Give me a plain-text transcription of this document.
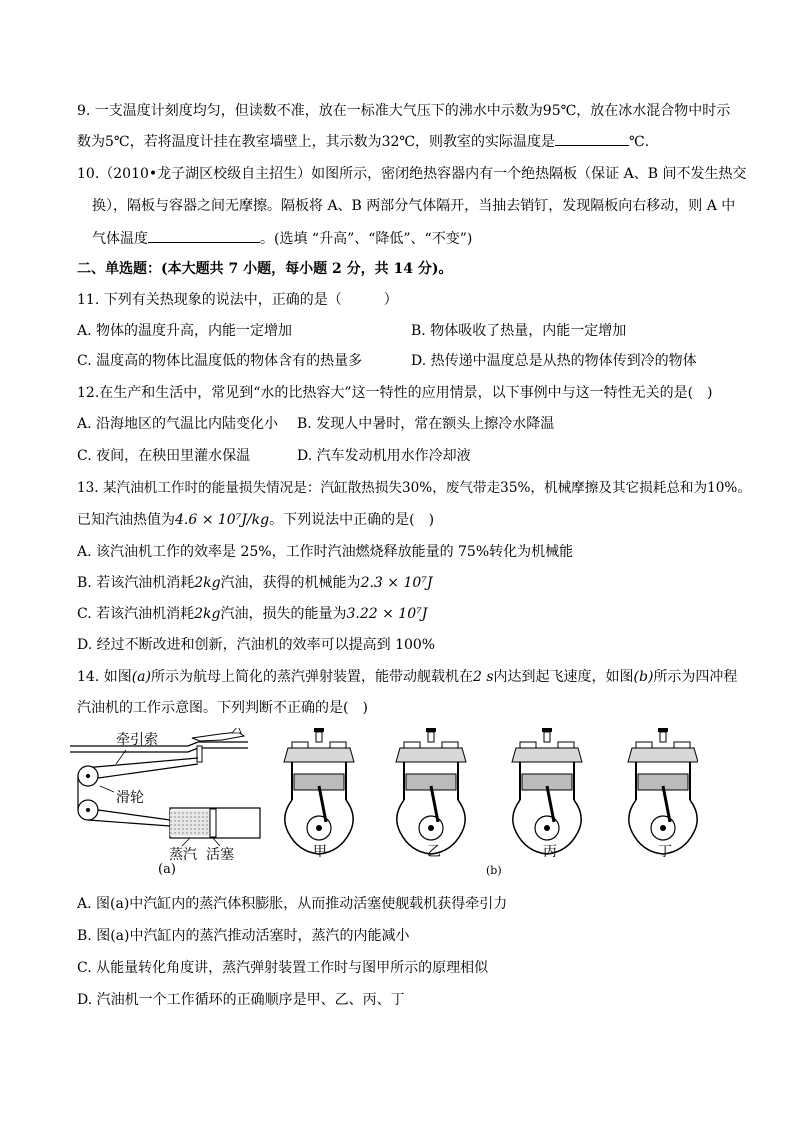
9. 一支温度计刻度均匀，但读数不准，放在一标准大气压下的沸水中示数为95℃，放在冰水混合物中时示
数为5℃，若将温度计挂在教室墙壁上，其示数为32℃，则教室的实际温度是	℃.
10.（2010•龙子湖区校级自主招生）如图所示，密闭绝热容器内有一个绝热隔板（保证 A、B 间不发生热交
换），隔板与容器之间无摩擦。隔板将 A、B 两部分气体隔开，当抽去销钉，发现隔板向右移动，则 A 中
气体温度	。(选填 “升高”、“降低”、“不变”)
二、单选题：(本大题共 7 小题，每小题 2 分，共 14 分)。
11. 下列有关热现象的说法中，正确的是（　　　）
A. 物体的温度升高，内能一定增加	B. 物体吸收了热量，内能一定增加
C. 温度高的物体比温度低的物体含有的热量多	D. 热传递中温度总是从热的物体传到冷的物体
12.在生产和生活中，常见到“水的比热容大”这一特性的应用情景，以下事例中与这一特性无关的是(　)
A. 沿海地区的气温比内陆变化小 B. 发现人中暑时，常在额头上擦冷水降温
C. 夜间，在秧田里灌水保温	D. 汽车发动机用水作冷却液
13. 某汽油机工作时的能量损失情况是：汽缸散热损失30%，废气带走35%，机械摩擦及其它损耗总和为10%。
已知汽油热值为4.6 × 10⁷J/kg。下列说法中正确的是(　)
A. 该汽油机工作的效率是 25%，工作时汽油燃烧释放能量的 75%转化为机械能
B. 若该汽油机消耗2kg汽油，获得的机械能为2.3 × 10⁷J
C. 若该汽油机消耗2kg汽油，损失的能量为3.22 × 10⁷J
D. 经过不断改进和创新，汽油机的效率可以提高到 100%
14. 如图(a)所示为航母上简化的蒸汽弹射装置，能带动舰载机在2 s内达到起飞速度，如图(b)所示为四冲程
汽油机的工作示意图。下列判断不正确的是(　)
牵引索
滑轮
蒸汽 活塞
(a)
甲	乙	丙	丁
(b)
A. 图(a)中汽缸内的蒸汽体积膨胀，从而推动活塞使舰载机获得牵引力
B. 图(a)中汽缸内的蒸汽推动活塞时，蒸汽的内能减小
C. 从能量转化角度讲，蒸汽弹射装置工作时与图甲所示的原理相似
D. 汽油机一个工作循环的正确顺序是甲、乙、丙、丁
